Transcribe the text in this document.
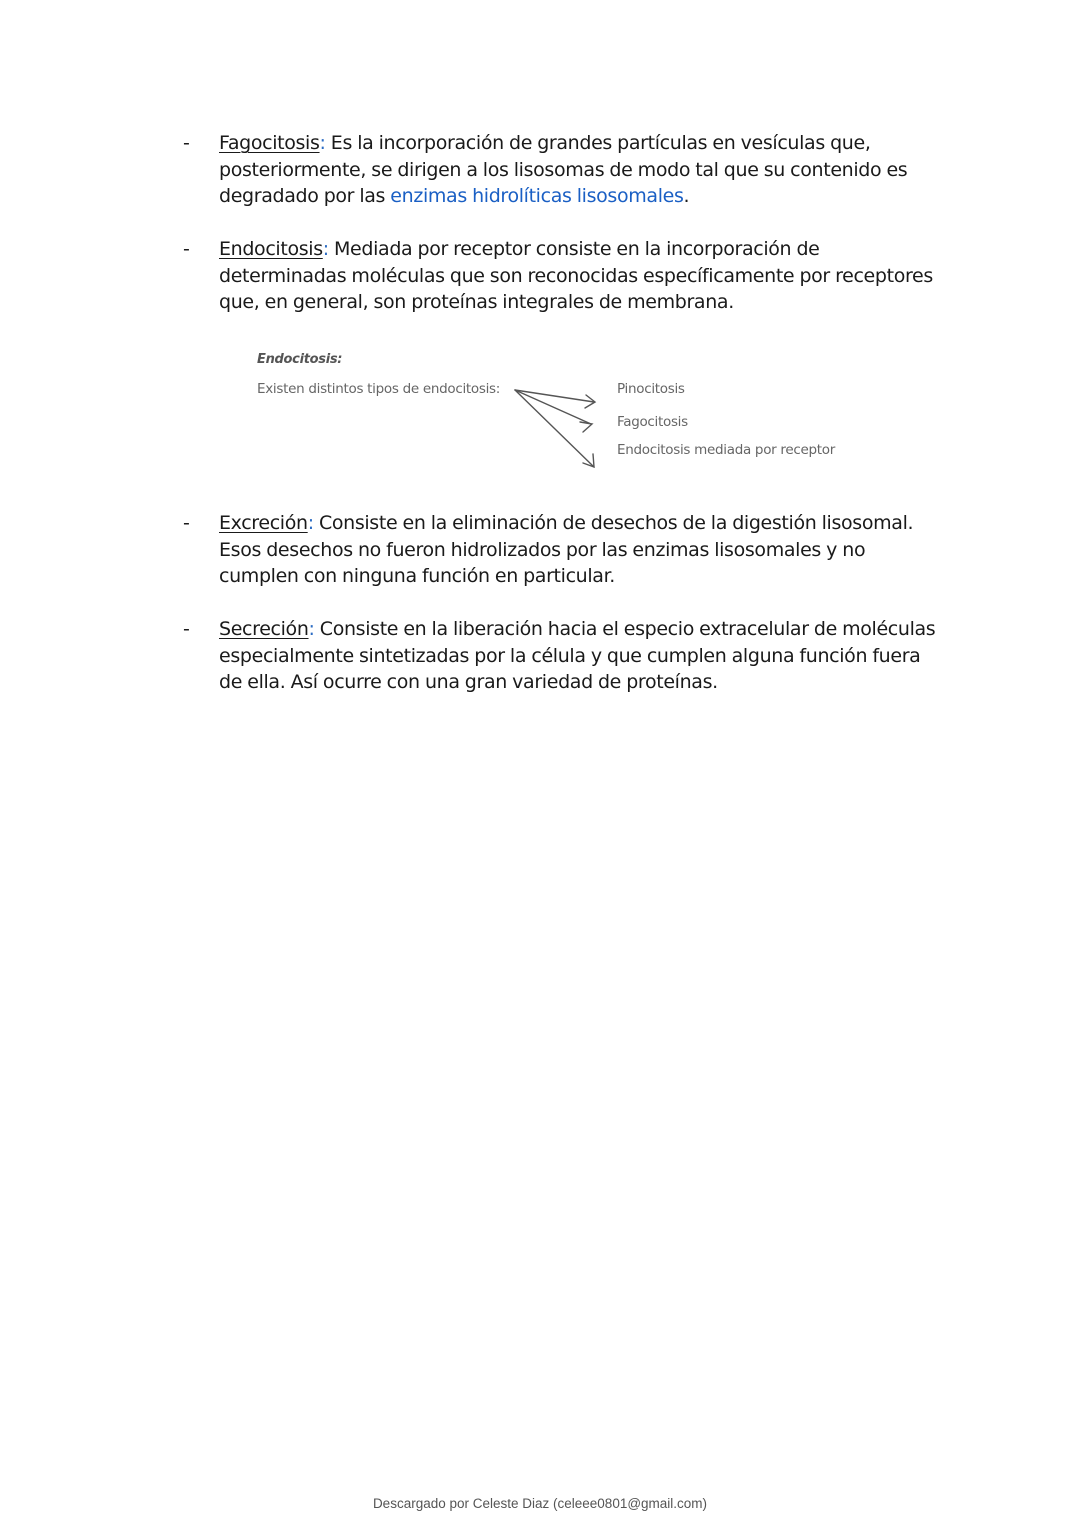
-	Fagocitosis: Es la incorporación de grandes partículas en vesículas que, posteriormente, se dirigen a los lisosomas de modo tal que su contenido es degradado por las enzimas hidrolíticas lisosomales.
-	Endocitosis: Mediada por receptor consiste en la incorporación de determinadas moléculas que son reconocidas específicamente por receptores que, en general, son proteínas integrales de membrana.
Endocitosis:
Existen distintos tipos de endocitosis:	Pinocitosis
Fagocitosis
Endocitosis mediada por receptor
-	Excreción: Consiste en la eliminación de desechos de la digestión lisosomal. Esos desechos no fueron hidrolizados por las enzimas lisosomales y no cumplen con ninguna función en particular.
-	Secreción: Consiste en la liberación hacia el especio extracelular de moléculas especialmente sintetizadas por la célula y que cumplen alguna función fuera de ella. Así ocurre con una gran variedad de proteínas.
Descargado por Celeste Diaz (celeee0801@gmail.com)
